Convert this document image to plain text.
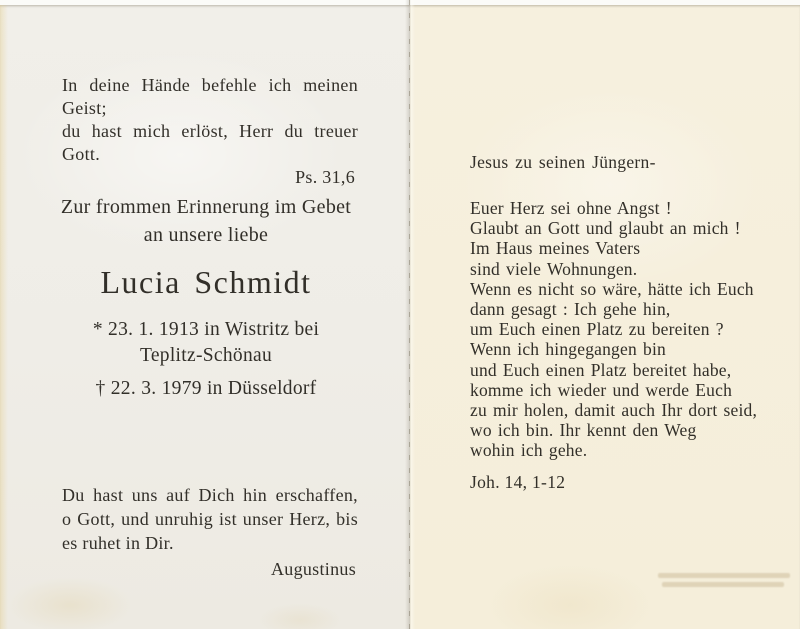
In deine Hände befehle ich meinen Geist;
du hast mich erlöst, Herr du treuer Gott.
Ps. 31,6
Zur frommen Erinnerung im Gebet
an unsere liebe
Lucia Schmidt
* 23. 1. 1913 in Wistritz bei
Teplitz-Schönau
† 22. 3. 1979 in Düsseldorf
Du hast uns auf Dich hin erschaffen,
o Gott, und unruhig ist unser Herz, bis
es ruhet in Dir.
Augustinus
Jesus zu seinen Jüngern-
Euer Herz sei ohne Angst !
Glaubt an Gott und glaubt an mich !
Im Haus meines Vaters
sind viele Wohnungen.
Wenn es nicht so wäre, hätte ich Euch
dann gesagt : Ich gehe hin,
um Euch einen Platz zu bereiten ?
Wenn ich hingegangen bin
und Euch einen Platz bereitet habe,
komme ich wieder und werde Euch
zu mir holen, damit auch Ihr dort seid,
wo ich bin. Ihr kennt den Weg
wohin ich gehe.
Joh. 14, 1-12
